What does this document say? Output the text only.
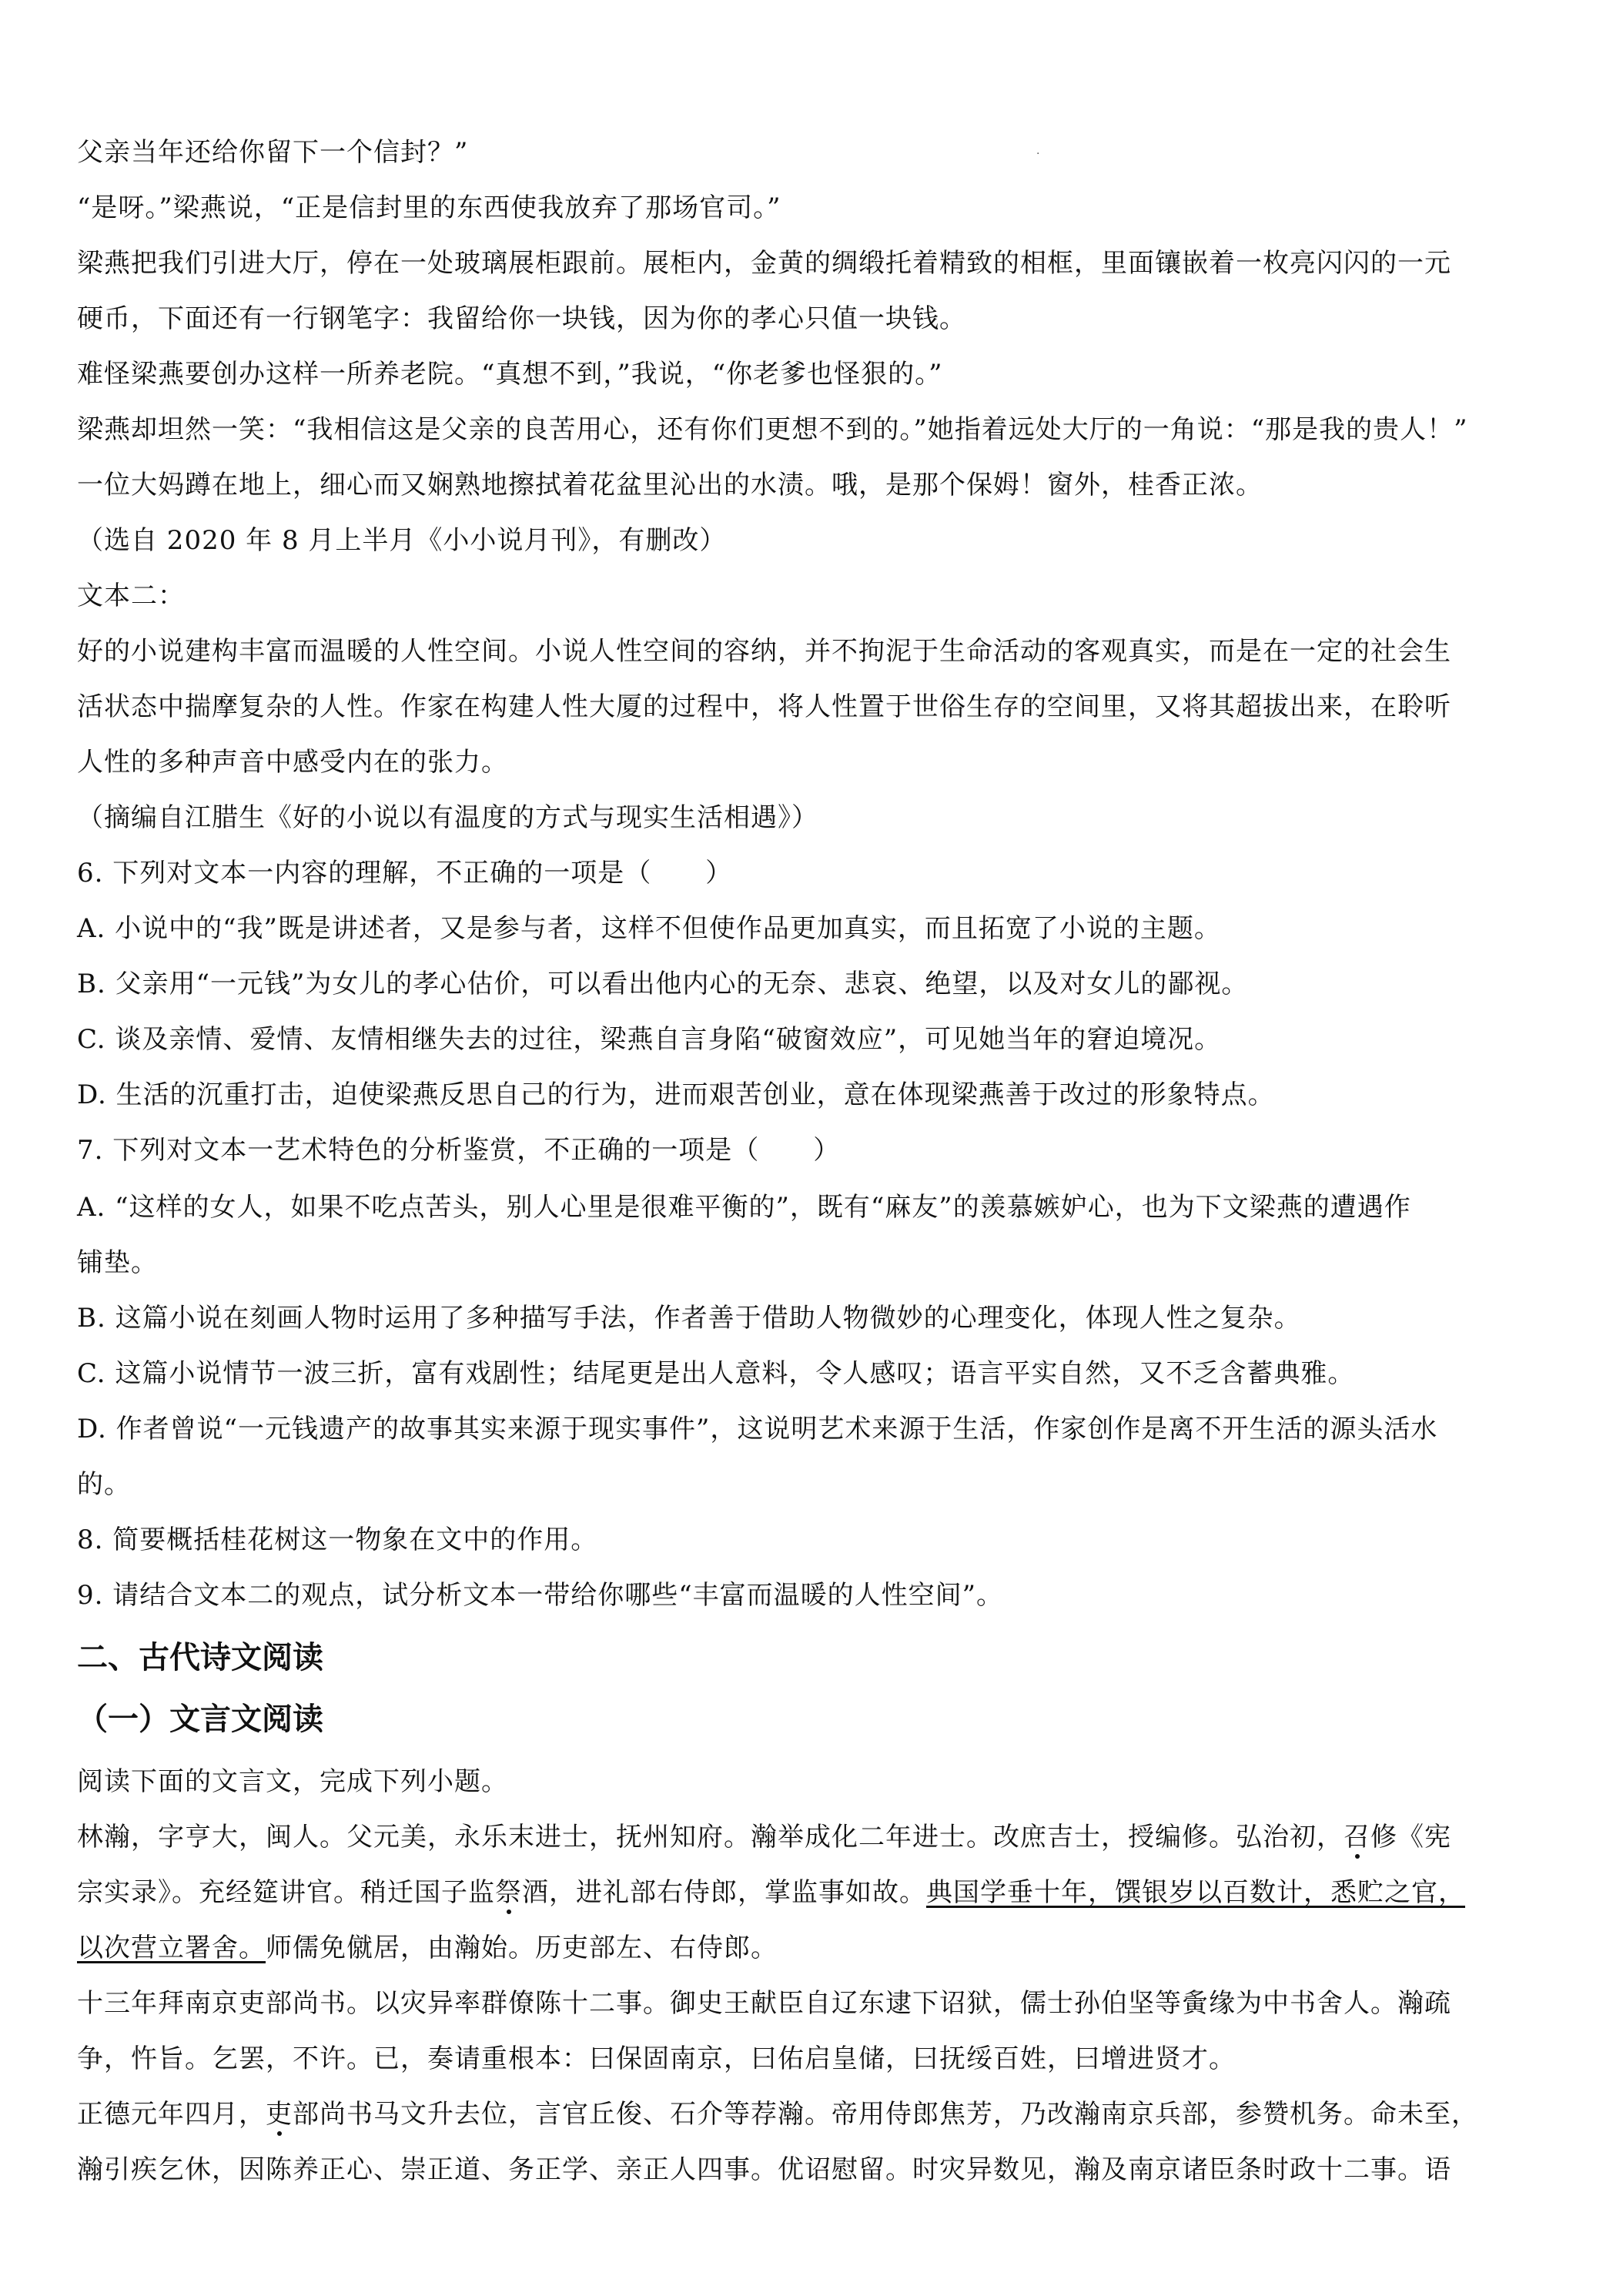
·
父亲当年还给你留下一个信封？”
“是呀。”梁燕说，“正是信封里的东西使我放弃了那场官司。”
梁燕把我们引进大厅，停在一处玻璃展柜跟前。展柜内，金黄的绸缎托着精致的相框，里面镶嵌着一枚亮闪闪的一元
硬币，下面还有一行钢笔字：我留给你一块钱，因为你的孝心只值一块钱。
难怪梁燕要创办这样一所养老院。“真想不到，”我说，“你老爹也怪狠的。”
梁燕却坦然一笑：“我相信这是父亲的良苦用心，还有你们更想不到的。”她指着远处大厅的一角说：“那是我的贵人！”
一位大妈蹲在地上，细心而又娴熟地擦拭着花盆里沁出的水渍。哦，是那个保姆！窗外，桂香正浓。
（选自 2020 年 8 月上半月《小小说月刊》，有删改）
文本二：
好的小说建构丰富而温暖的人性空间。小说人性空间的容纳，并不拘泥于生命活动的客观真实，而是在一定的社会生
活状态中揣摩复杂的人性。作家在构建人性大厦的过程中，将人性置于世俗生存的空间里，又将其超拔出来，在聆听
人性的多种声音中感受内在的张力。
（摘编自江腊生《好的小说以有温度的方式与现实生活相遇》）
6. 下列对文本一内容的理解，不正确的一项是（　　）
A. 小说中的“我”既是讲述者，又是参与者，这样不但使作品更加真实，而且拓宽了小说的主题。
B. 父亲用“一元钱”为女儿的孝心估价，可以看出他内心的无奈、悲哀、绝望，以及对女儿的鄙视。
C. 谈及亲情、爱情、友情相继失去的过往，梁燕自言身陷“破窗效应”，可见她当年的窘迫境况。
D. 生活的沉重打击，迫使梁燕反思自己的行为，进而艰苦创业，意在体现梁燕善于改过的形象特点。
7. 下列对文本一艺术特色的分析鉴赏，不正确的一项是（　　）
A. “这样的女人，如果不吃点苦头，别人心里是很难平衡的”，既有“麻友”的羡慕嫉妒心，也为下文梁燕的遭遇作
铺垫。
B. 这篇小说在刻画人物时运用了多种描写手法，作者善于借助人物微妙的心理变化，体现人性之复杂。
C. 这篇小说情节一波三折，富有戏剧性；结尾更是出人意料，令人感叹；语言平实自然，又不乏含蓄典雅。
D. 作者曾说“一元钱遗产的故事其实来源于现实事件”，这说明艺术来源于生活，作家创作是离不开生活的源头活水
的。
8. 简要概括桂花树这一物象在文中的作用。
9. 请结合文本二的观点，试分析文本一带给你哪些“丰富而温暖的人性空间”。
二、古代诗文阅读
（一）文言文阅读
阅读下面的文言文，完成下列小题。
林瀚，字亨大，闽人。父元美，永乐末进士，抚州知府。瀚举成化二年进士。改庶吉士，授编修。弘治初，召修《宪
宗实录》。充经筵讲官。稍迁国子监祭酒，进礼部右侍郎，掌监事如故。典国学垂十年，馔银岁以百数计，悉贮之官，
以次营立署舍。师儒免僦居，由瀚始。历吏部左、右侍郎。
十三年拜南京吏部尚书。以灾异率群僚陈十二事。御史王献臣自辽东逮下诏狱，儒士孙伯坚等夤缘为中书舍人。瀚疏
争，忤旨。乞罢，不许。已，奏请重根本：曰保固南京，曰佑启皇储，曰抚绥百姓，曰增进贤才。
正德元年四月，吏部尚书马文升去位，言官丘俊、石介等荐瀚。帝用侍郎焦芳，乃改瀚南京兵部，参赞机务。命未至，
瀚引疾乞休，因陈养正心、崇正道、务正学、亲正人四事。优诏慰留。时灾异数见，瀚及南京诸臣条时政十二事。语
